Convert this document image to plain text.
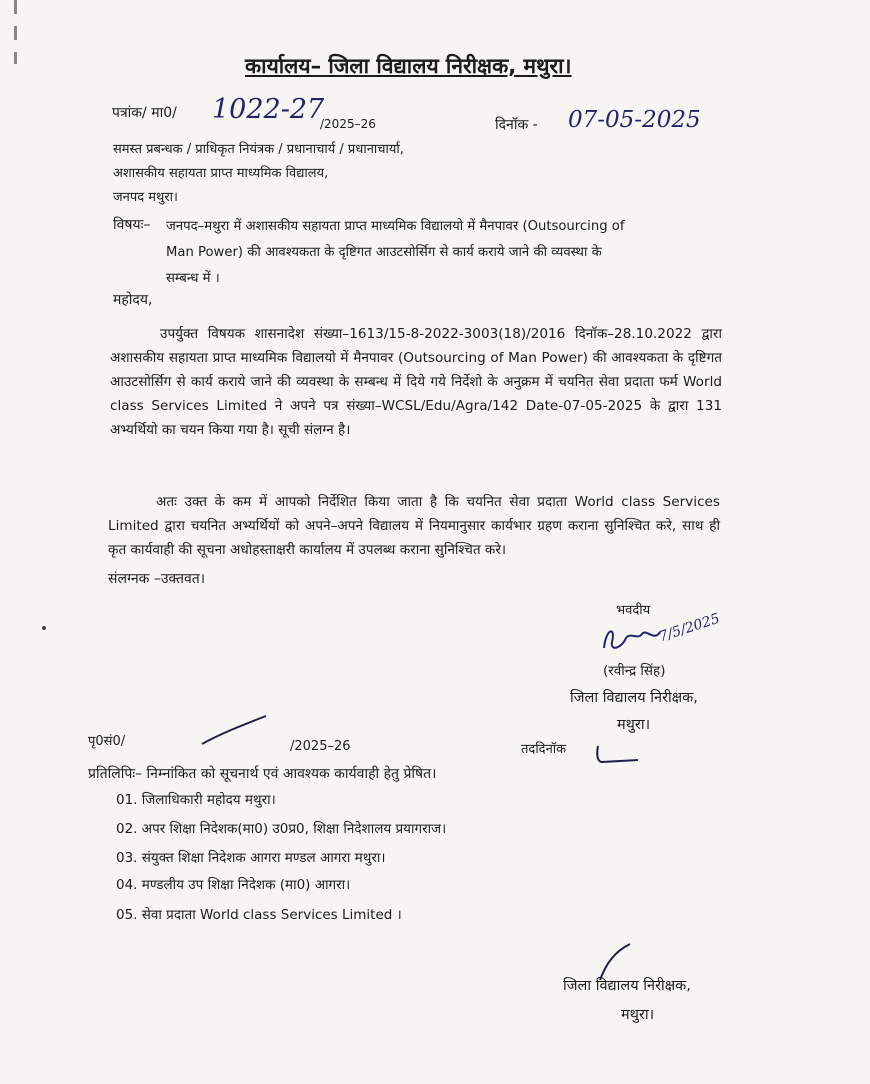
कार्यालय– जिला विद्यालय निरीक्षक, मथुरा।
पत्रांक/ मा0/ 1022-27
/2025–26	दिनॉक - 07-05-2025
समस्त प्रबन्धक / प्राधिकृत नियंत्रक / प्रधानाचार्य / प्रधानाचार्या,
अशासकीय सहायता प्राप्त माध्यमिक विद्यालय,
जनपद मथुरा।
विषयः– जनपद–मथुरा में अशासकीय सहायता प्राप्त माध्यमिक विद्यालयो में मैनपावर (Outsourcing of
Man Power) की आवश्यकता के दृष्टिगत आउटसोर्सिग से कार्य कराये जाने की व्यवस्था के
सम्बन्ध में ।
महोदय,
उपर्युक्त विषयक शासनादेश संख्या–1613/15-8-2022-3003(18)/2016 दिनॉक–28.10.2022 द्वारा अशासकीय सहायता प्राप्त माध्यमिक विद्यालयो में मैनपावर (Outsourcing of Man Power) की आवश्यकता के दृष्टिगत आउटसोर्सिग से कार्य कराये जाने की व्यवस्था के सम्बन्ध में दिये गये निर्देशो के अनुक्रम में चयनित सेवा प्रदाता फर्म World class Services Limited ने अपने पत्र संख्या–WCSL/Edu/Agra/142 Date-07-05-2025 के द्वारा 131 अभ्यर्थियो का चयन किया गया है। सूची संलग्न है।
अतः उक्त के कम में आपको निर्देशित किया जाता है कि चयनित सेवा प्रदाता World class Services Limited द्वारा चयनित अभ्यर्थियों को अपने–अपने विद्यालय में नियमानुसार कार्यभार ग्रहण कराना सुनिश्चित करे, साथ ही कृत कार्यवाही की सूचना अधोहस्ताक्षरी कार्यालय में उपलब्ध कराना सुनिश्चित करे।
संलग्नक –उक्तवत।
भवदीय
7/5/2025
(रवीन्द्र सिंह)
जिला विद्यालय निरीक्षक,
मथुरा।
पृ0सं0/	/2025–26	तददिनॉक
प्रतिलिपिः– निम्नांकित को सूचनार्थ एवं आवश्यक कार्यवाही हेतु प्रेषित।
01. जिलाधिकारी महोदय मथुरा।
02. अपर शिक्षा निदेशक(मा0) उ0प्र0, शिक्षा निदेशालय प्रयागराज।
03. संयुक्त शिक्षा निदेशक आगरा मण्डल आगरा मथुरा।
04. मण्डलीय उप शिक्षा निदेशक (मा0) आगरा।
05. सेवा प्रदाता World class Services Limited ।
जिला विद्यालय निरीक्षक,
मथुरा।
